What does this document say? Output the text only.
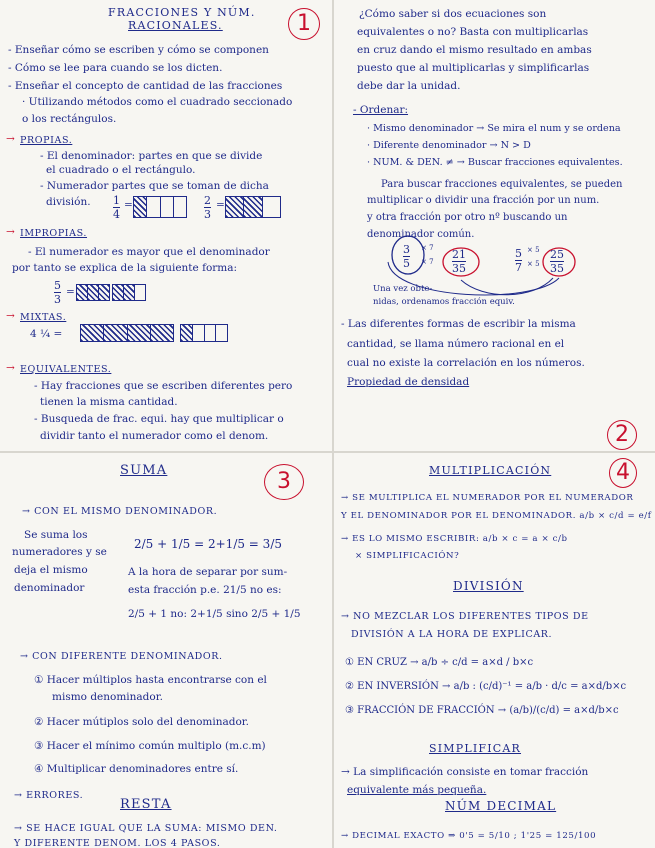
1
FRACCIONES Y NÚM.
RACIONALES.
- Enseñar cómo se escriben y cómo se componen
- Cómo se lee para cuando se los dicten.
- Enseñar el concepto de cantidad de las fracciones
· Utilizando métodos como el cuadrado seccionado
o los rectángulos.
→ PROPIAS.
- El denominador: partes en que se divide
el cuadrado o el rectángulo.
- Numerador partes que se toman de dicha
división. 1
4
=	2
3
=
→ IMPROPIAS.
- El numerador es mayor que el denominador
por tanto se explica de la siguiente forma:
5
3
=
→ MIXTAS.
4 ¼ =
→ EQUIVALENTES.
- Hay fracciones que se escriben diferentes pero
tienen la misma cantidad.
- Busqueda de frac. equi. hay que multiplicar o
dividir tanto el numerador como el denom.
¿Cómo saber si dos ecuaciones son
equivalentes o no? Basta con multiplicarlas
en cruz dando el mismo resultado en ambas
puesto que al multiplicarlas y simplificarlas
debe dar la unidad.
- Ordenar:
· Mismo denominador → Se mira el num y se ordena
· Diferente denominador → N > D
· NUM. & DEN. ≠ → Buscar fracciones equivalentes.
Para buscar fracciones equivalentes, se pueden
multiplicar o dividir una fracción por un num.
y otra fracción por otro nº buscando un
denominador común.
3
5
× 7
× 7
21
35
5
7
× 5
× 5
25
35
Una vez obte-
nidas, ordenamos fracción equiv.
- Las diferentes formas de escribir la misma
cantidad, se llama número racional en el
cual no existe la correlación en los números.
Propiedad de densidad
2
SUMA	3
→ CON EL MISMO DENOMINADOR.
Se suma los
numeradores y se
deja el mismo
denominador
2/5 + 1/5 = 2+1/5 = 3/5
A la hora de separar por sum-
esta fracción p.e. 21/5 no es:
2/5 + 1 no: 2+1/5 sino 2/5 + 1/5
→ CON DIFERENTE DENOMINADOR.
① Hacer múltiplos hasta encontrarse con el
mismo denominador.
② Hacer mútiplos solo del denominador.
③ Hacer el mínimo común multiplo (m.c.m)
④ Multiplicar denominadores entre sí.
→ ERRORES.
RESTA
→ SE HACE IGUAL QUE LA SUMA: MISMO DEN.
Y DIFERENTE DENOM. LOS 4 PASOS.
MULTIPLICACIÓN	4
→ SE MULTIPLICA EL NUMERADOR POR EL NUMERADOR
Y EL DENOMINADOR POR EL DENOMINADOR. a/b × c/d = e/f
→ ES LO MISMO ESCRIBIR: a/b × c = a × c/b
× SIMPLIFICACIÓN?
DIVISIÓN
→ NO MEZCLAR LOS DIFERENTES TIPOS DE
DIVISIÓN A LA HORA DE EXPLICAR.
① EN CRUZ → a/b ÷ c/d = a×d / b×c
② EN INVERSIÓN → a/b : (c/d)⁻¹ = a/b · d/c = a×d/b×c
③ FRACCIÓN DE FRACCIÓN → (a/b)/(c/d) = a×d/b×c
SIMPLIFICAR
→ La simplificación consiste en tomar fracción
equivalente más pequeña.
NÚM DECIMAL
→ DECIMAL EXACTO ⇒ 0'5 = 5/10 ; 1'25 = 125/100
